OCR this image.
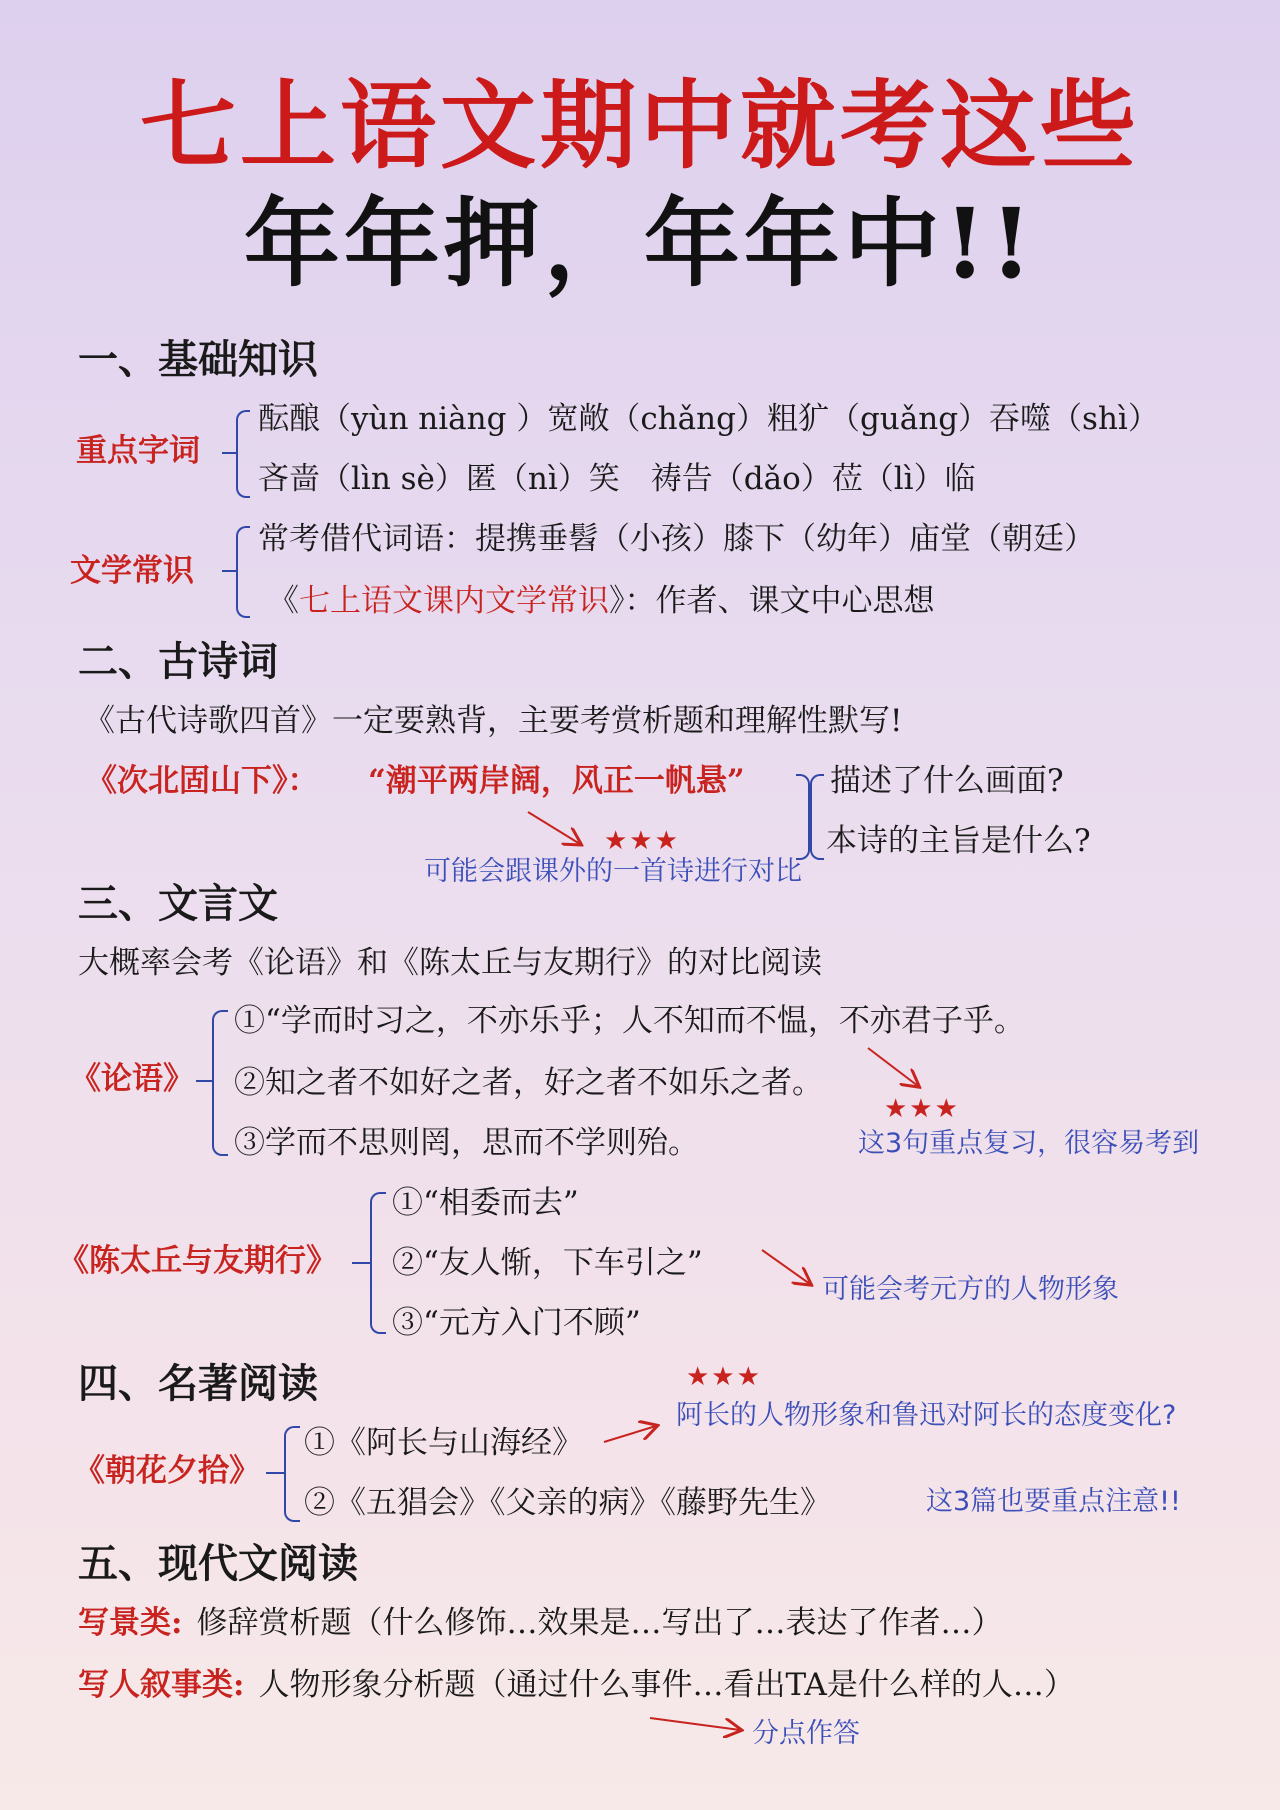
七上语文期中就考这些
年年押，年年中!!
一、基础知识
重点字词
酝酿（yùn niàng ）宽敞（chǎng）粗犷（guǎng）吞噬（shì）
吝啬（lìn sè）匿（nì）笑　祷告（dǎo）莅（lì）临
文学常识
常考借代词语：提携垂髫（小孩）膝下（幼年）庙堂（朝廷）
《七上语文课内文学常识》：作者、课文中心思想
二、古诗词
《古代诗歌四首》一定要熟背，主要考赏析题和理解性默写!
《次北固山下》： “潮平两岸阔，风正一帆悬”	描述了什么画面?
本诗的主旨是什么?
★★★
可能会跟课外的一首诗进行对比
三、文言文
大概率会考《论语》和《陈太丘与友期行》的对比阅读
《论语》
①“学而时习之，不亦乐乎；人不知而不愠，不亦君子乎。
②知之者不如好之者，好之者不如乐之者。
③学而不思则罔，思而不学则殆。
★★★
这3句重点复习，很容易考到
《陈太丘与友期行》
①“相委而去”
②“友人惭，下车引之”
③“元方入门不顾”
可能会考元方的人物形象
四、名著阅读	★★★
阿长的人物形象和鲁迅对阿长的态度变化?
《朝花夕拾》
①《阿长与山海经》
②《五猖会》《父亲的病》《藤野先生》	这3篇也要重点注意!!
五、现代文阅读
写景类: 修辞赏析题（什么修饰…效果是…写出了…表达了作者…）
写人叙事类: 人物形象分析题（通过什么事件…看出TA是什么样的人…）
分点作答
